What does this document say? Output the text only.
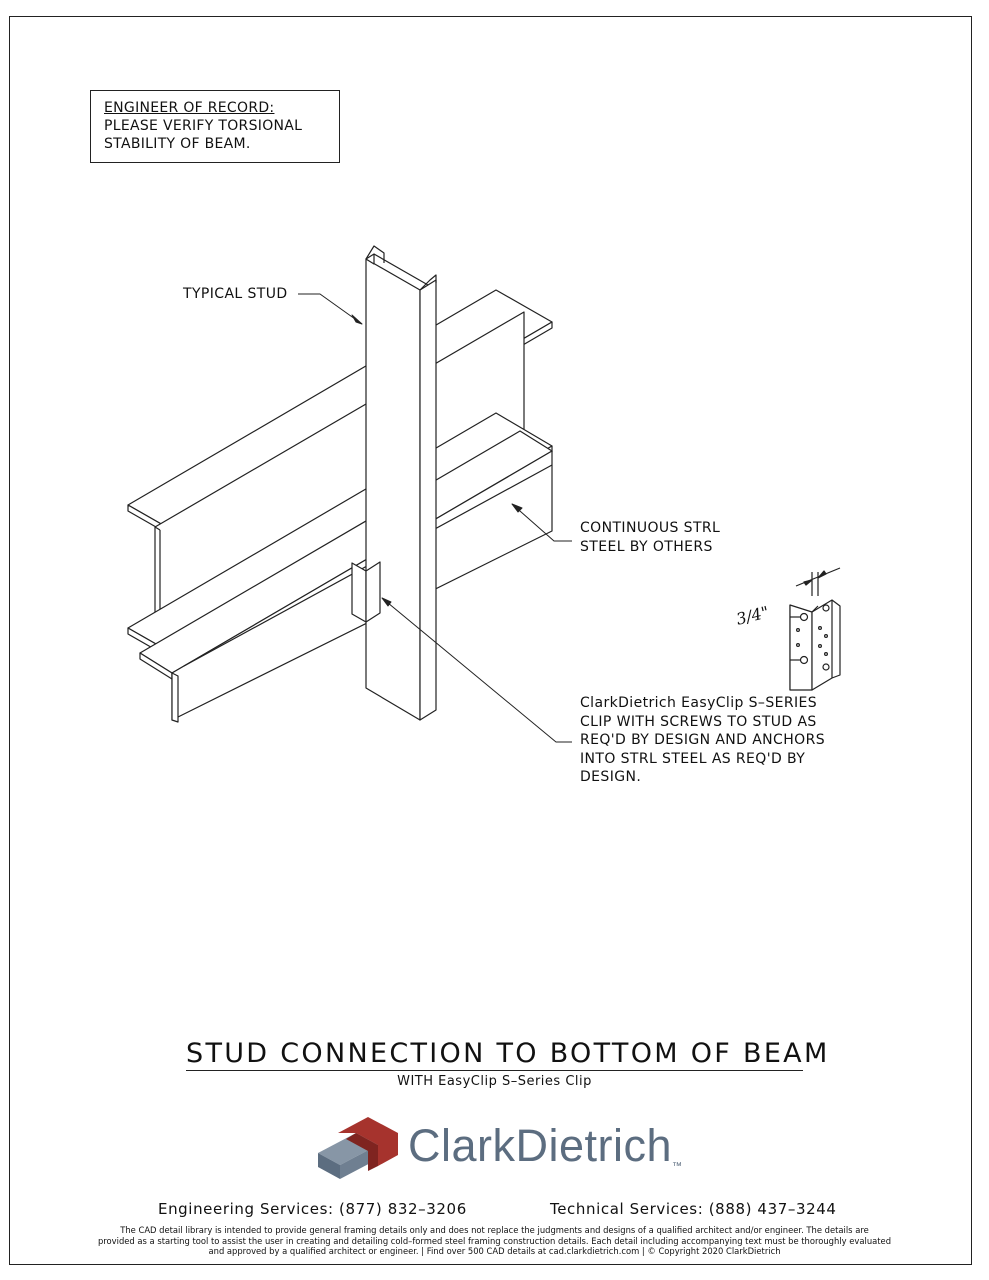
ENGINEER OF RECORD:
PLEASE VERIFY TORSIONAL
STABILITY OF BEAM.
TYPICAL STUD
CONTINUOUS STRL
STEEL BY OTHERS
ClarkDietrich EasyClip S–SERIES
CLIP WITH SCREWS TO STUD AS
REQ'D BY DESIGN AND ANCHORS
INTO STRL STEEL AS REQ'D BY
DESIGN.
3/4"
STUD CONNECTION TO BOTTOM OF BEAM
WITH EasyClip S–Series Clip
ClarkDietrich™
Engineering Services: (877) 832–3206	Technical Services: (888) 437–3244
The CAD detail library is intended to provide general framing details only and does not replace the judgments and designs of a qualified architect and/or engineer. The details are
provided as a starting tool to assist the user in creating and detailing cold–formed steel framing construction details. Each detail including accompanying text must be thoroughly evaluated
and approved by a qualified architect or engineer. | Find over 500 CAD details at cad.clarkdietrich.com | © Copyright 2020 ClarkDietrich
